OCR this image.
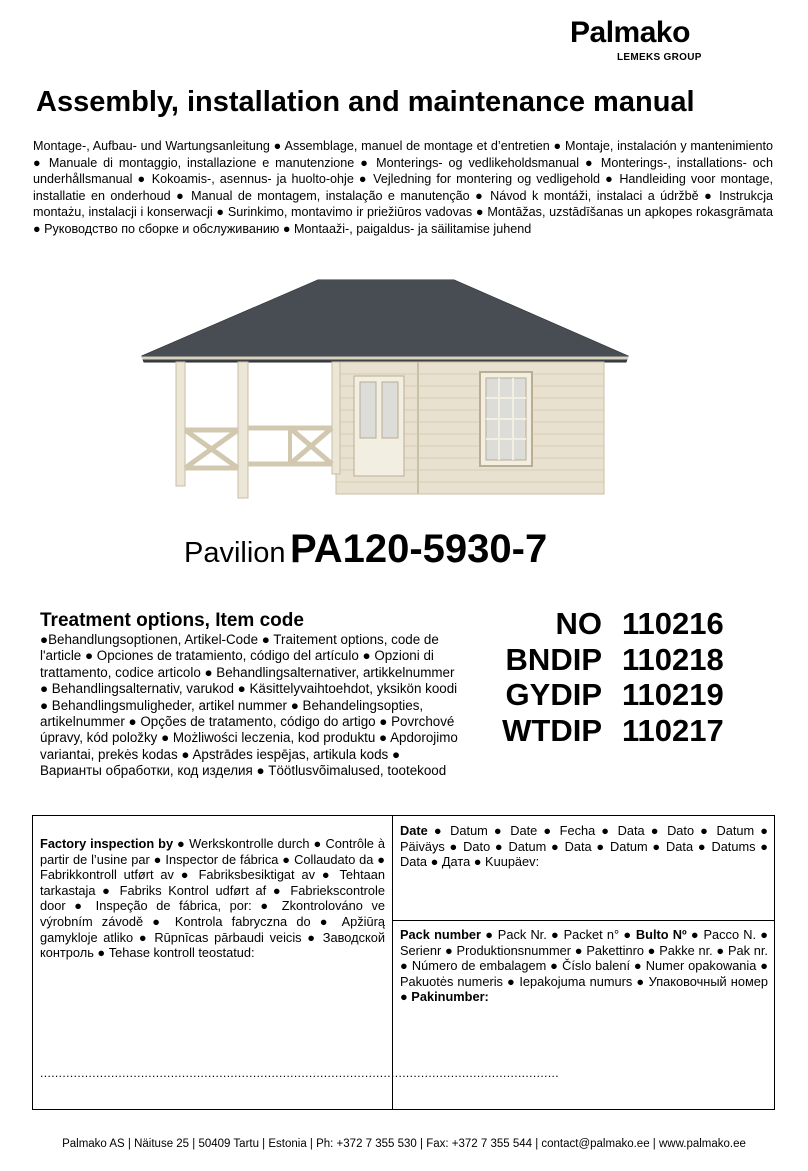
Palmako
LEMEKS GROUP
Assembly, installation and maintenance manual
Montage-, Aufbau- und Wartungsanleitung ● Assemblage, manuel de montage et d’entretien ● Montaje, instalación y mantenimiento ● Manuale di montaggio, installazione e manutenzione ● Monterings- og vedlikeholdsmanual ● Monterings-, installations- och underhållsmanual ● Kokoamis-, asennus- ja huolto-ohje ● Vejledning for montering og vedligehold ● Handleiding voor montage, installatie en onderhoud ● Manual de montagem, instalação e manutenção ● Návod k montáži, instalaci a údržbě ● Instrukcja montażu, instalacji i konserwacji ● Surinkimo, montavimo ir priežiūros vadovas ● Montāžas, uzstādīšanas un apkopes rokasgrāmata ● Руководство по сборке и обслуживанию ● Montaaži-, paigaldus- ja säilitamise juhend
Pavilion PA120-5930-7
Treatment options, Item code
●Behandlungsoptionen, Artikel-Code ● Traitement options, code de l'article ● Opciones de tratamiento, código del artículo ● Opzioni di trattamento, codice articolo ● Behandlingsalternativer, artikkelnummer ● Behandlingsalternativ, varukod ● Käsittelyvaihtoehdot, yksikön koodi ● Behandlingsmuligheder, artikel nummer ● Behandelingsopties, artikelnummer ● Opções de tratamento, código do artigo ● Povrchové úpravy, kód položky ● Możliwości leczenia, kod produktu ● Apdorojimo variantai, prekės kodas ● Apstrādes iespējas, artikula kods ● Варианты обработки, код изделия ● Töötlusvõimalused, tootekood
NO 110216
BNDIP 110218
GYDIP 110219
WTDIP 110217
Factory inspection by ● Werkskontrolle durch ● Contrôle à partir de l’usine par ● Inspector de fábrica ● Collaudato da ● Fabrikkontroll utført av ● Fabriksbesiktigat av ● Tehtaan tarkastaja ● Fabriks Kontrol udført af ● Fabriekscontrole door ● Inspeção de fábrica, por: ● Zkontrolováno ve výrobním závodě ● Kontrola fabryczna do ● Apžiūrą gamykloje atliko ● Rūpnīcas pārbaudi veicis ● Заводской контроль ● Tehase kontroll teostatud:
...........................................................................................................................................
Date ● Datum ● Date ● Fecha ● Data ● Dato ● Datum ● Päiväys ● Dato ● Datum ● Data ● Datum ● Data ● Datums ● Data ● Дата ● Kuupäev:
Pack number ● Pack Nr. ● Packet n° ● Bulto Nº ● Pacco N. ● Serienr ● Produktionsnummer ● Pakettinro ● Pakke nr. ● Pak nr. ● Número de embalagem ● Číslo balení ● Numer opakowania ● Pakuotės numeris ● Iepakojuma numurs ● Упаковочный номер ● Pakinumber:
Palmako AS | Näituse 25 | 50409 Tartu | Estonia | Ph: +372 7 355 530 | Fax: +372 7 355 544 | contact@palmako.ee | www.palmako.ee
